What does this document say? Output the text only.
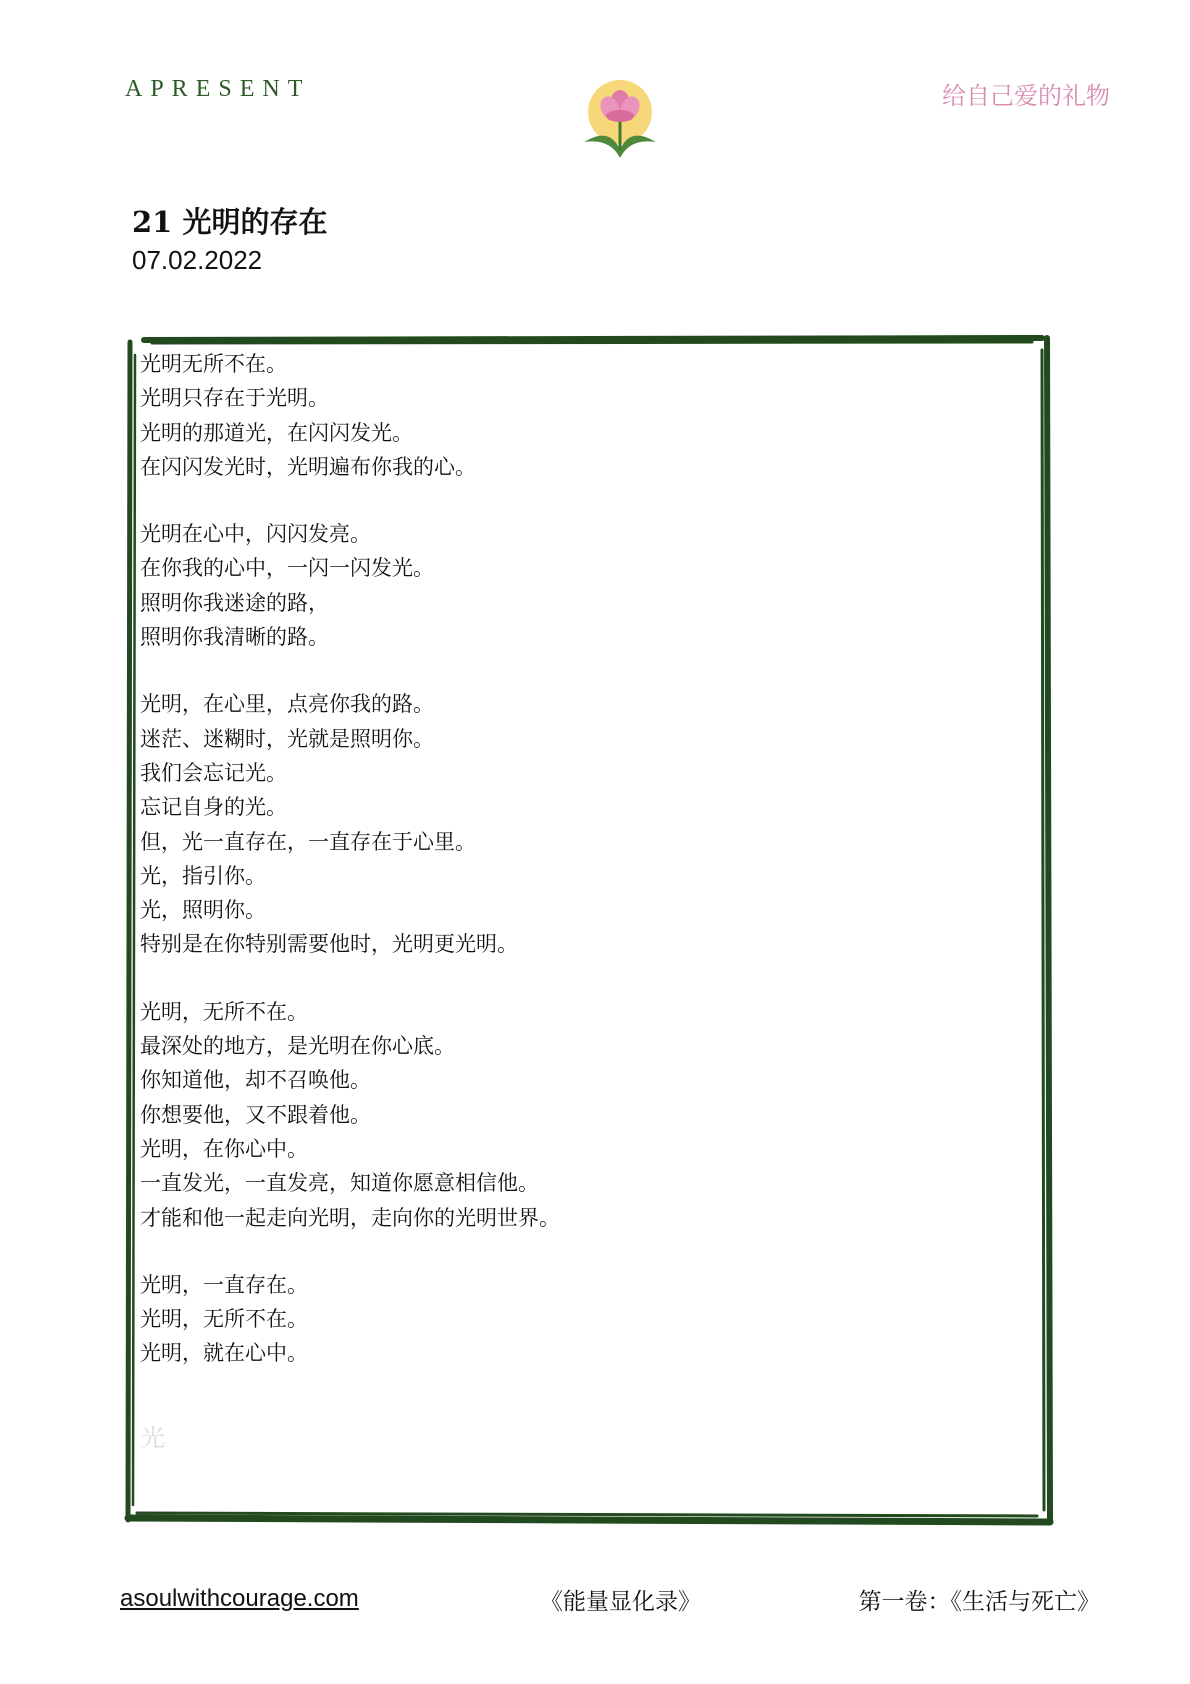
APRESENT	给自己爱的礼物
21 光明的存在
07.02.2022
光明无所不在。
光明只存在于光明。
光明的那道光，在闪闪发光。
在闪闪发光时，光明遍布你我的心。
光明在心中，闪闪发亮。
在你我的心中，一闪一闪发光。
照明你我迷途的路，
照明你我清晰的路。
光明，在心里，点亮你我的路。
迷茫、迷糊时，光就是照明你。
我们会忘记光。
忘记自身的光。
但，光一直存在，一直存在于心里。
光，指引你。
光，照明你。
特别是在你特别需要他时，光明更光明。
光明，无所不在。
最深处的地方，是光明在你心底。
你知道他，却不召唤他。
你想要他，又不跟着他。
光明，在你心中。
一直发光，一直发亮，知道你愿意相信他。
才能和他一起走向光明，走向你的光明世界。
光明，一直存在。
光明，无所不在。
光明，就在心中。
光
asoulwithcourage.com	《能量显化录》	第一卷：《生活与死亡》
